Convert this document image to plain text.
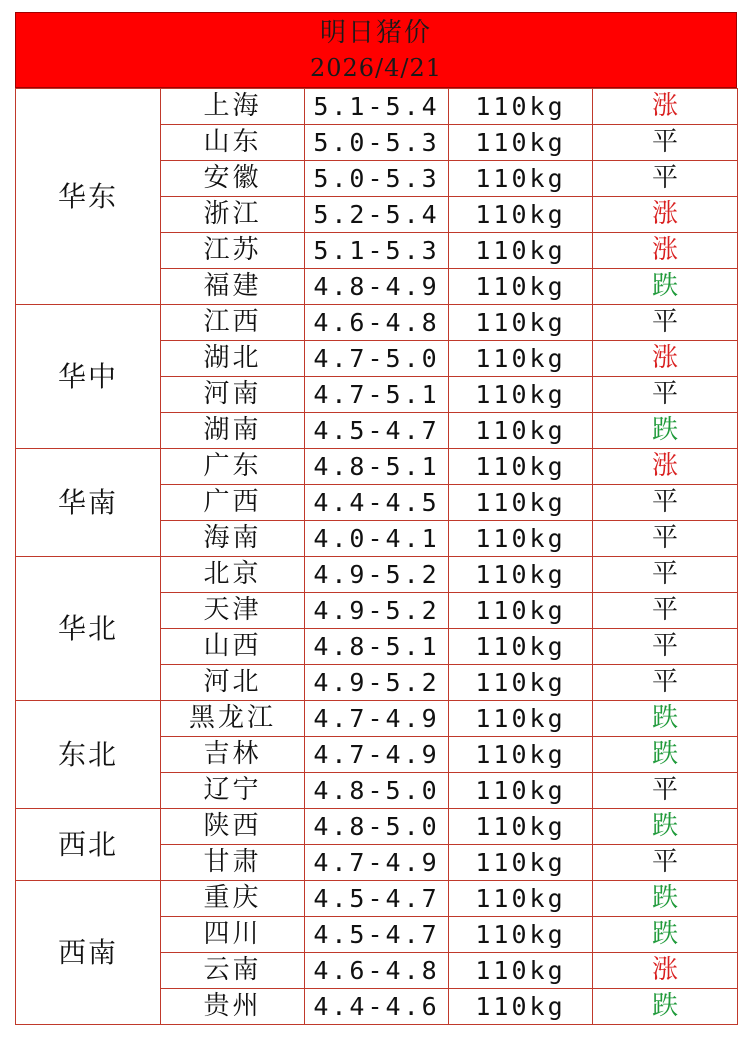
明日猪价
2026/4/21
华东	上海	5.1-5.4	110kg	涨
	山东	5.0-5.3	110kg	平
	安徽	5.0-5.3	110kg	平
	浙江	5.2-5.4	110kg	涨
	江苏	5.1-5.3	110kg	涨
	福建	4.8-4.9	110kg	跌
华中	江西	4.6-4.8	110kg	平
	湖北	4.7-5.0	110kg	涨
	河南	4.7-5.1	110kg	平
	湖南	4.5-4.7	110kg	跌
华南	广东	4.8-5.1	110kg	涨
	广西	4.4-4.5	110kg	平
	海南	4.0-4.1	110kg	平
华北	北京	4.9-5.2	110kg	平
	天津	4.9-5.2	110kg	平
	山西	4.8-5.1	110kg	平
	河北	4.9-5.2	110kg	平
东北	黑龙江	4.7-4.9	110kg	跌
	吉林	4.7-4.9	110kg	跌
	辽宁	4.8-5.0	110kg	平
西北	陕西	4.8-5.0	110kg	跌
	甘肃	4.7-4.9	110kg	平
西南	重庆	4.5-4.7	110kg	跌
	四川	4.5-4.7	110kg	跌
	云南	4.6-4.8	110kg	涨
	贵州	4.4-4.6	110kg	跌
